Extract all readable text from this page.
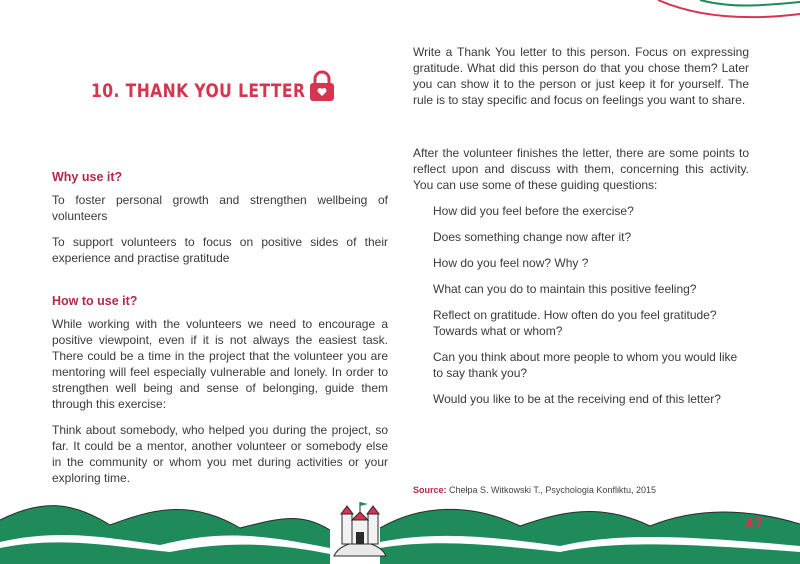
10. THANK YOU LETTER
Why use it?

To foster personal growth and strengthen wellbeing of volunteers

To support volunteers to focus on positive sides of their experience and practise gratitude

How to use it?

While working with the volunteers we need to encourage a positive viewpoint, even if it is not always the easiest task. There could be a time in the project that the volunteer you are mentoring will feel especially vulnerable and lonely. In order to strengthen well being and sense of belonging, guide them through this exercise:

Think about somebody, who helped you during the project, so far. It could be a mentor, another volunteer or somebody else in the community or whom you met during activities or your exploring time.

Write a Thank You letter to this person. Focus on expressing gratitude. What did this person do that you chose them? Later you can show it to the person or just keep it for yourself. The rule is to stay specific and focus on feelings you want to share.

After the volunteer finishes the letter, there are some points to reflect upon and discuss with them, concerning this activity. You can use some of these guiding questions:

How did you feel before the exercise?

Does something change now after it?

How do you feel now? Why ?

What can you do to maintain this positive feeling?

Reflect on gratitude. How often do you feel gratitude? Towards what or whom?

Can you think about more people to whom you would like to say thank you?

Would you like to be at the receiving end of this letter?

Source: Chełpa S. Witkowski T., Psychologia Konfliktu, 2015
47
